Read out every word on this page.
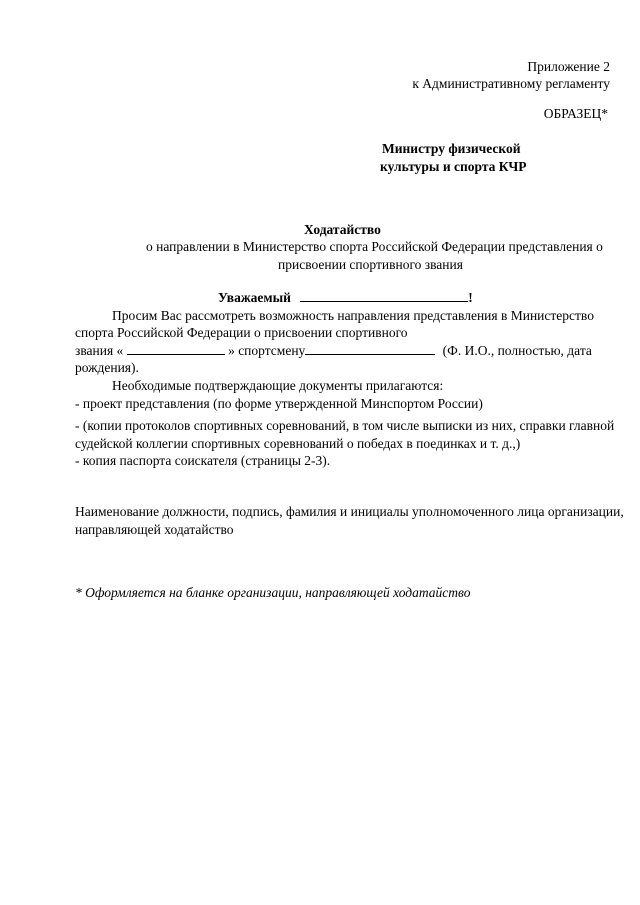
Приложение 2
к Административному регламенту
ОБРАЗЕЦ*
Министру физической
культуры и спорта КЧР
Ходатайство
о направлении в Министерство спорта Российской Федерации представления о
присвоении спортивного звания
Уважаемый	!
Просим Вас рассмотреть возможность направления представления в Министерство
спорта Российской Федерации о присвоении спортивного
звания «	» спортсмену	(Ф. И.О., полностью, дата
рождения).
Необходимые подтверждающие документы прилагаются:
- проект представления (по форме утвержденной Минспортом России)
- (копии протоколов спортивных соревнований, в том числе выписки из них, справки главной
судейской коллегии спортивных соревнований о победах в поединках и т. д.,)
- копия паспорта соискателя (страницы 2-3).
Наименование должности, подпись, фамилия и инициалы уполномоченного лица организации,
направляющей ходатайство
* Оформляется на бланке организации, направляющей ходатайство
